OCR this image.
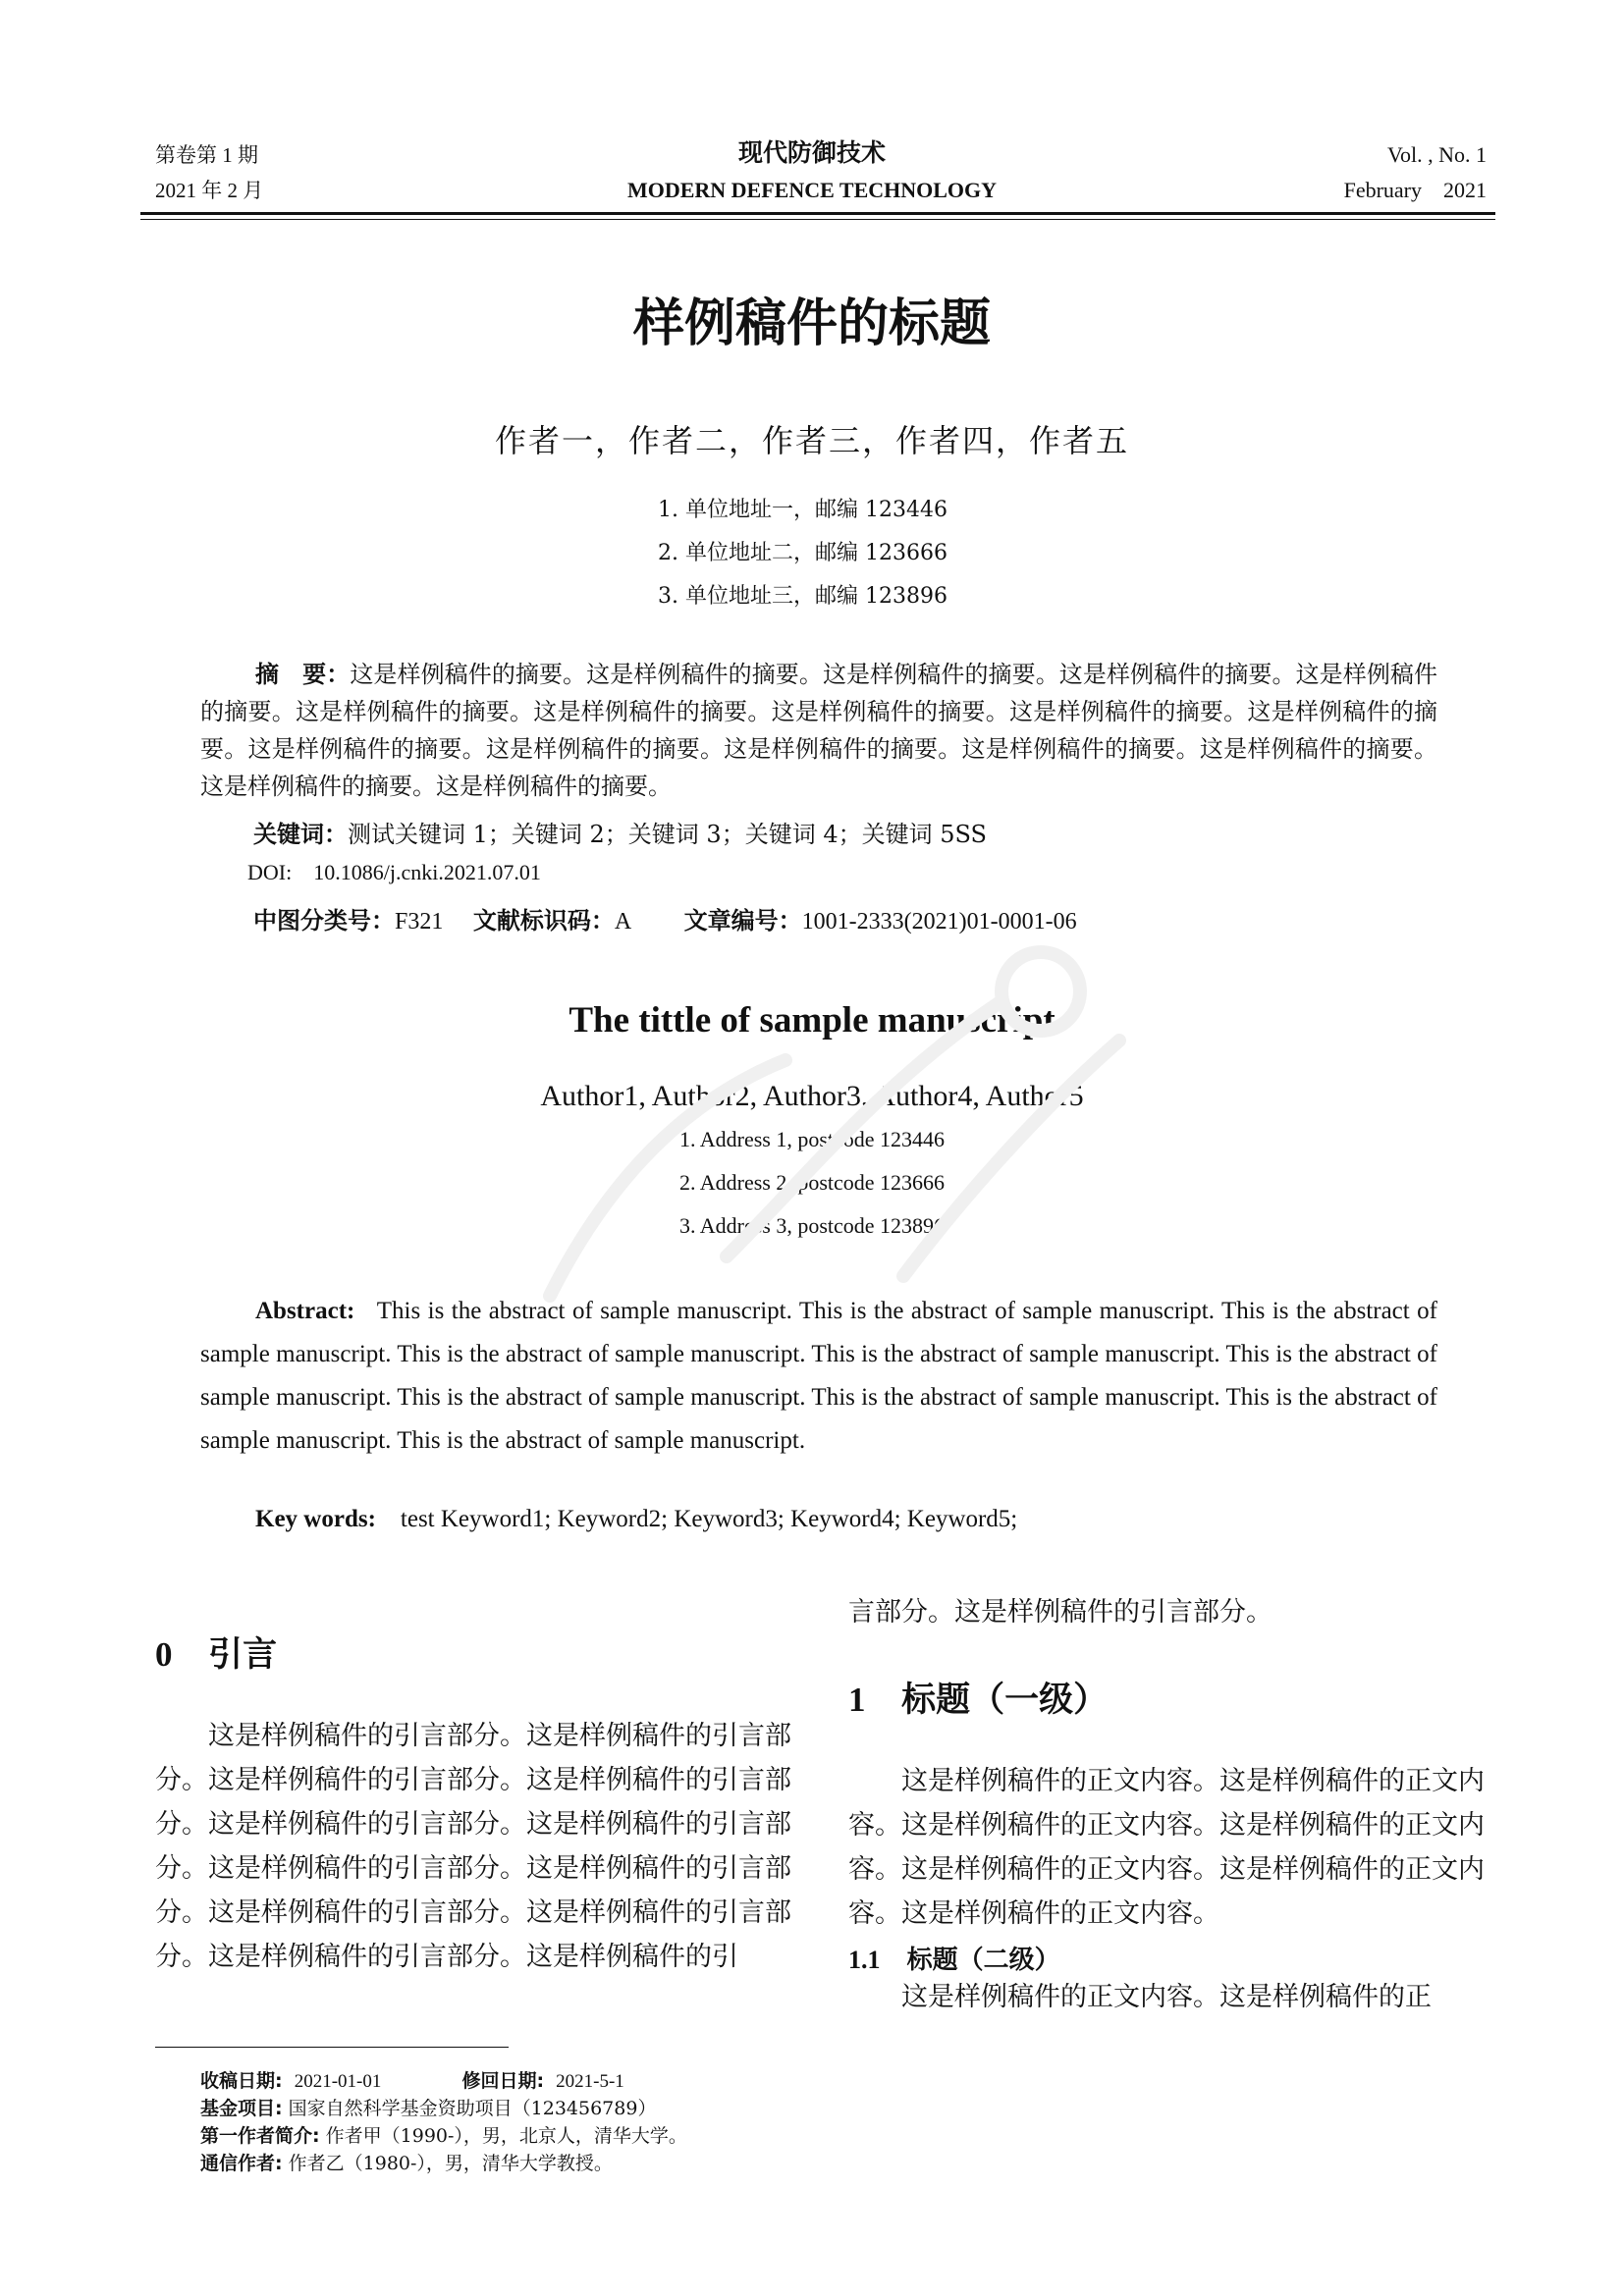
第卷第 1 期
2021 年 2 月
现代防御技术
MODERN DEFENCE TECHNOLOGY
Vol. , No. 1
February    2021
样例稿件的标题
作者一，作者二，作者三，作者四，作者五
1. 单位地址一，邮编 123446
2. 单位地址二，邮编 123666
3. 单位地址三，邮编 123896
摘　要：这是样例稿件的摘要。这是样例稿件的摘要。这是样例稿件的摘要。这是样例稿件的摘要。这是样例稿件的摘要。这是样例稿件的摘要。这是样例稿件的摘要。这是样例稿件的摘要。这是样例稿件的摘要。这是样例稿件的摘要。这是样例稿件的摘要。这是样例稿件的摘要。这是样例稿件的摘要。这是样例稿件的摘要。这是样例稿件的摘要。这是样例稿件的摘要。这是样例稿件的摘要。
关键词：测试关键词 1；关键词 2；关键词 3；关键词 4；关键词 5SS
DOI: 10.1086/j.cnki.2021.07.01
中图分类号：F321 文献标识码：A 文章编号：1001-2333(2021)01-0001-06
The tittle of sample manuscript
Author1, Author2, Author3, Author4, Author5
1. Address 1, postcode 123446
2. Address 2, postcode 123666
3. Address 3, postcode 123896
Abstract: This is the abstract of sample manuscript. This is the abstract of sample manuscript. This is the abstract of sample manuscript. This is the abstract of sample manuscript. This is the abstract of sample manuscript. This is the abstract of sample manuscript. This is the abstract of sample manuscript. This is the abstract of sample manuscript. This is the abstract of sample manuscript. This is the abstract of sample manuscript.
Key words: test Keyword1; Keyword2; Keyword3; Keyword4; Keyword5;
0 引言
这是样例稿件的引言部分。这是样例稿件的引言部分。这是样例稿件的引言部分。这是样例稿件的引言部分。这是样例稿件的引言部分。这是样例稿件的引言部分。这是样例稿件的引言部分。这是样例稿件的引言部分。这是样例稿件的引言部分。这是样例稿件的引言部分。这是样例稿件的引言部分。这是样例稿件的引
言部分。这是样例稿件的引言部分。
1 标题（一级）
这是样例稿件的正文内容。这是样例稿件的正文内容。这是样例稿件的正文内容。这是样例稿件的正文内容。这是样例稿件的正文内容。这是样例稿件的正文内容。这是样例稿件的正文内容。
1.1 标题（二级）
这是样例稿件的正文内容。这是样例稿件的正
收稿日期: 2021-01-01	修回日期: 2021-5-1
基金项目: 国家自然科学基金资助项目（123456789）
第一作者简介: 作者甲（1990-），男，北京人，清华大学。
通信作者: 作者乙（1980-），男，清华大学教授。
